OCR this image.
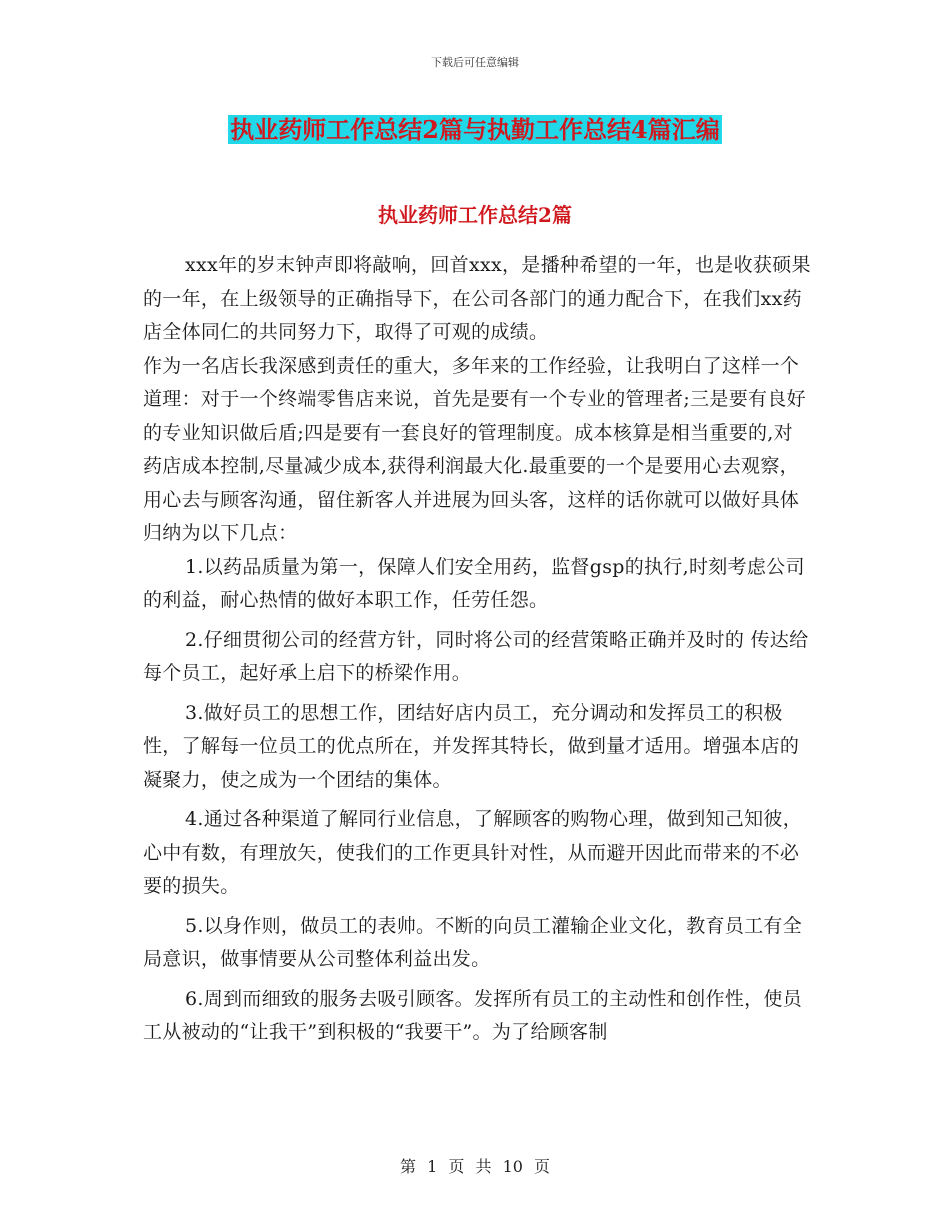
下载后可任意编辑
执业药师工作总结2篇与执勤工作总结4篇汇编
执业药师工作总结2篇

xxx年的岁末钟声即将敲响，回首xxx，是播种希望的一年，也是收获硕果的一年，在上级领导的正确指导下，在公司各部门的通力配合下，在我们xx药店全体同仁的共同努力下，取得了可观的成绩。

作为一名店长我深感到责任的重大，多年来的工作经验，让我明白了这样一个道理：对于一个终端零售店来说，首先是要有一个专业的管理者;三是要有良好的专业知识做后盾;四是要有一套良好的管理制度。成本核算是相当重要的,对药店成本控制,尽量减少成本,获得利润最大化.最重要的一个是要用心去观察，用心去与顾客沟通，留住新客人并进展为回头客，这样的话你就可以做好具体归纳为以下几点：

1.以药品质量为第一，保障人们安全用药，监督gsp的执行,时刻考虑公司的利益，耐心热情的做好本职工作，任劳任怨。

2.仔细贯彻公司的经营方针，同时将公司的经营策略正确并及时的 传达给每个员工，起好承上启下的桥梁作用。

3.做好员工的思想工作，团结好店内员工，充分调动和发挥员工的积极性，了解每一位员工的优点所在，并发挥其特长，做到量才适用。增强本店的凝聚力，使之成为一个团结的集体。

4.通过各种渠道了解同行业信息，了解顾客的购物心理，做到知己知彼，心中有数，有理放矢，使我们的工作更具针对性，从而避开因此而带来的不必要的损失。

5.以身作则，做员工的表帅。不断的向员工灌输企业文化，教育员工有全局意识，做事情要从公司整体利益出发。

6.周到而细致的服务去吸引顾客。发挥所有员工的主动性和创作性，使员工从被动的“让我干”到积极的“我要干”。为了给顾客制

第 1 页 共 10 页
